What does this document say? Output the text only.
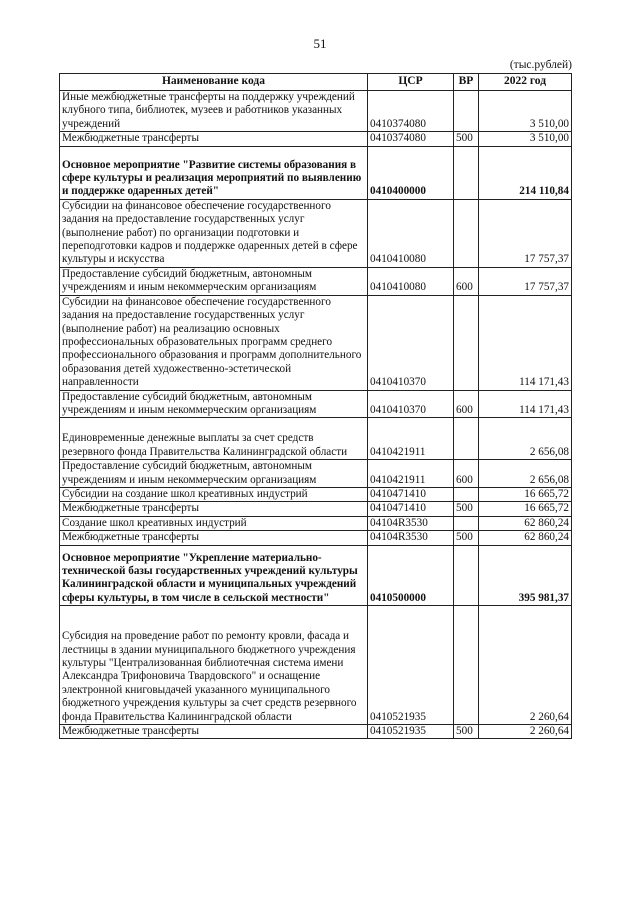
51
(тыс.рублей)
Наименование кода	ЦСР	ВР	2022 год
Иные межбюджетные трансферты на поддержку учреждений клубного типа, библиотек, музеев и работников указанных учреждений	0410374080		3 510,00
Межбюджетные трансферты	0410374080	500	3 510,00
Основное мероприятие "Развитие системы образования в сфере культуры и реализация мероприятий по выявлению и поддержке одаренных детей"	0410400000		214 110,84
Субсидии на финансовое обеспечение государственного задания на предоставление государственных услуг (выполнение работ) по организации подготовки и переподготовки кадров и поддержке одаренных детей в сфере культуры и искусства	0410410080		17 757,37
Предоставление субсидий бюджетным, автономным учреждениям и иным некоммерческим организациям	0410410080	600	17 757,37
Субсидии на финансовое обеспечение государственного задания на предоставление государственных услуг (выполнение работ) на реализацию основных профессиональных образовательных программ среднего профессионального образования и программ дополнительного образования детей художественно-эстетической направленности	0410410370		114 171,43
Предоставление субсидий бюджетным, автономным учреждениям и иным некоммерческим организациям	0410410370	600	114 171,43
Единовременные денежные выплаты за счет средств резервного фонда Правительства Калининградской области	0410421911		2 656,08
Предоставление субсидий бюджетным, автономным учреждениям и иным некоммерческим организациям	0410421911	600	2 656,08
Субсидии на создание школ креативных индустрий	0410471410		16 665,72
Межбюджетные трансферты	0410471410	500	16 665,72
Создание школ креативных индустрий	04104R3530		62 860,24
Межбюджетные трансферты	04104R3530	500	62 860,24
Основное мероприятие "Укрепление материально-технической базы государственных учреждений культуры Калининградской области и муниципальных учреждений сферы культуры, в том числе в сельской местности"	0410500000		395 981,37
Субсидия на проведение работ по ремонту кровли, фасада и лестницы в здании муниципального бюджетного учреждения культуры "Централизованная библиотечная система имени Александра Трифоновича Твардовского" и оснащение электронной книговыдачей указанного муниципального бюджетного учреждения культуры за счет средств резервного фонда Правительства Калининградской области	0410521935		2 260,64
Межбюджетные трансферты	0410521935	500	2 260,64
